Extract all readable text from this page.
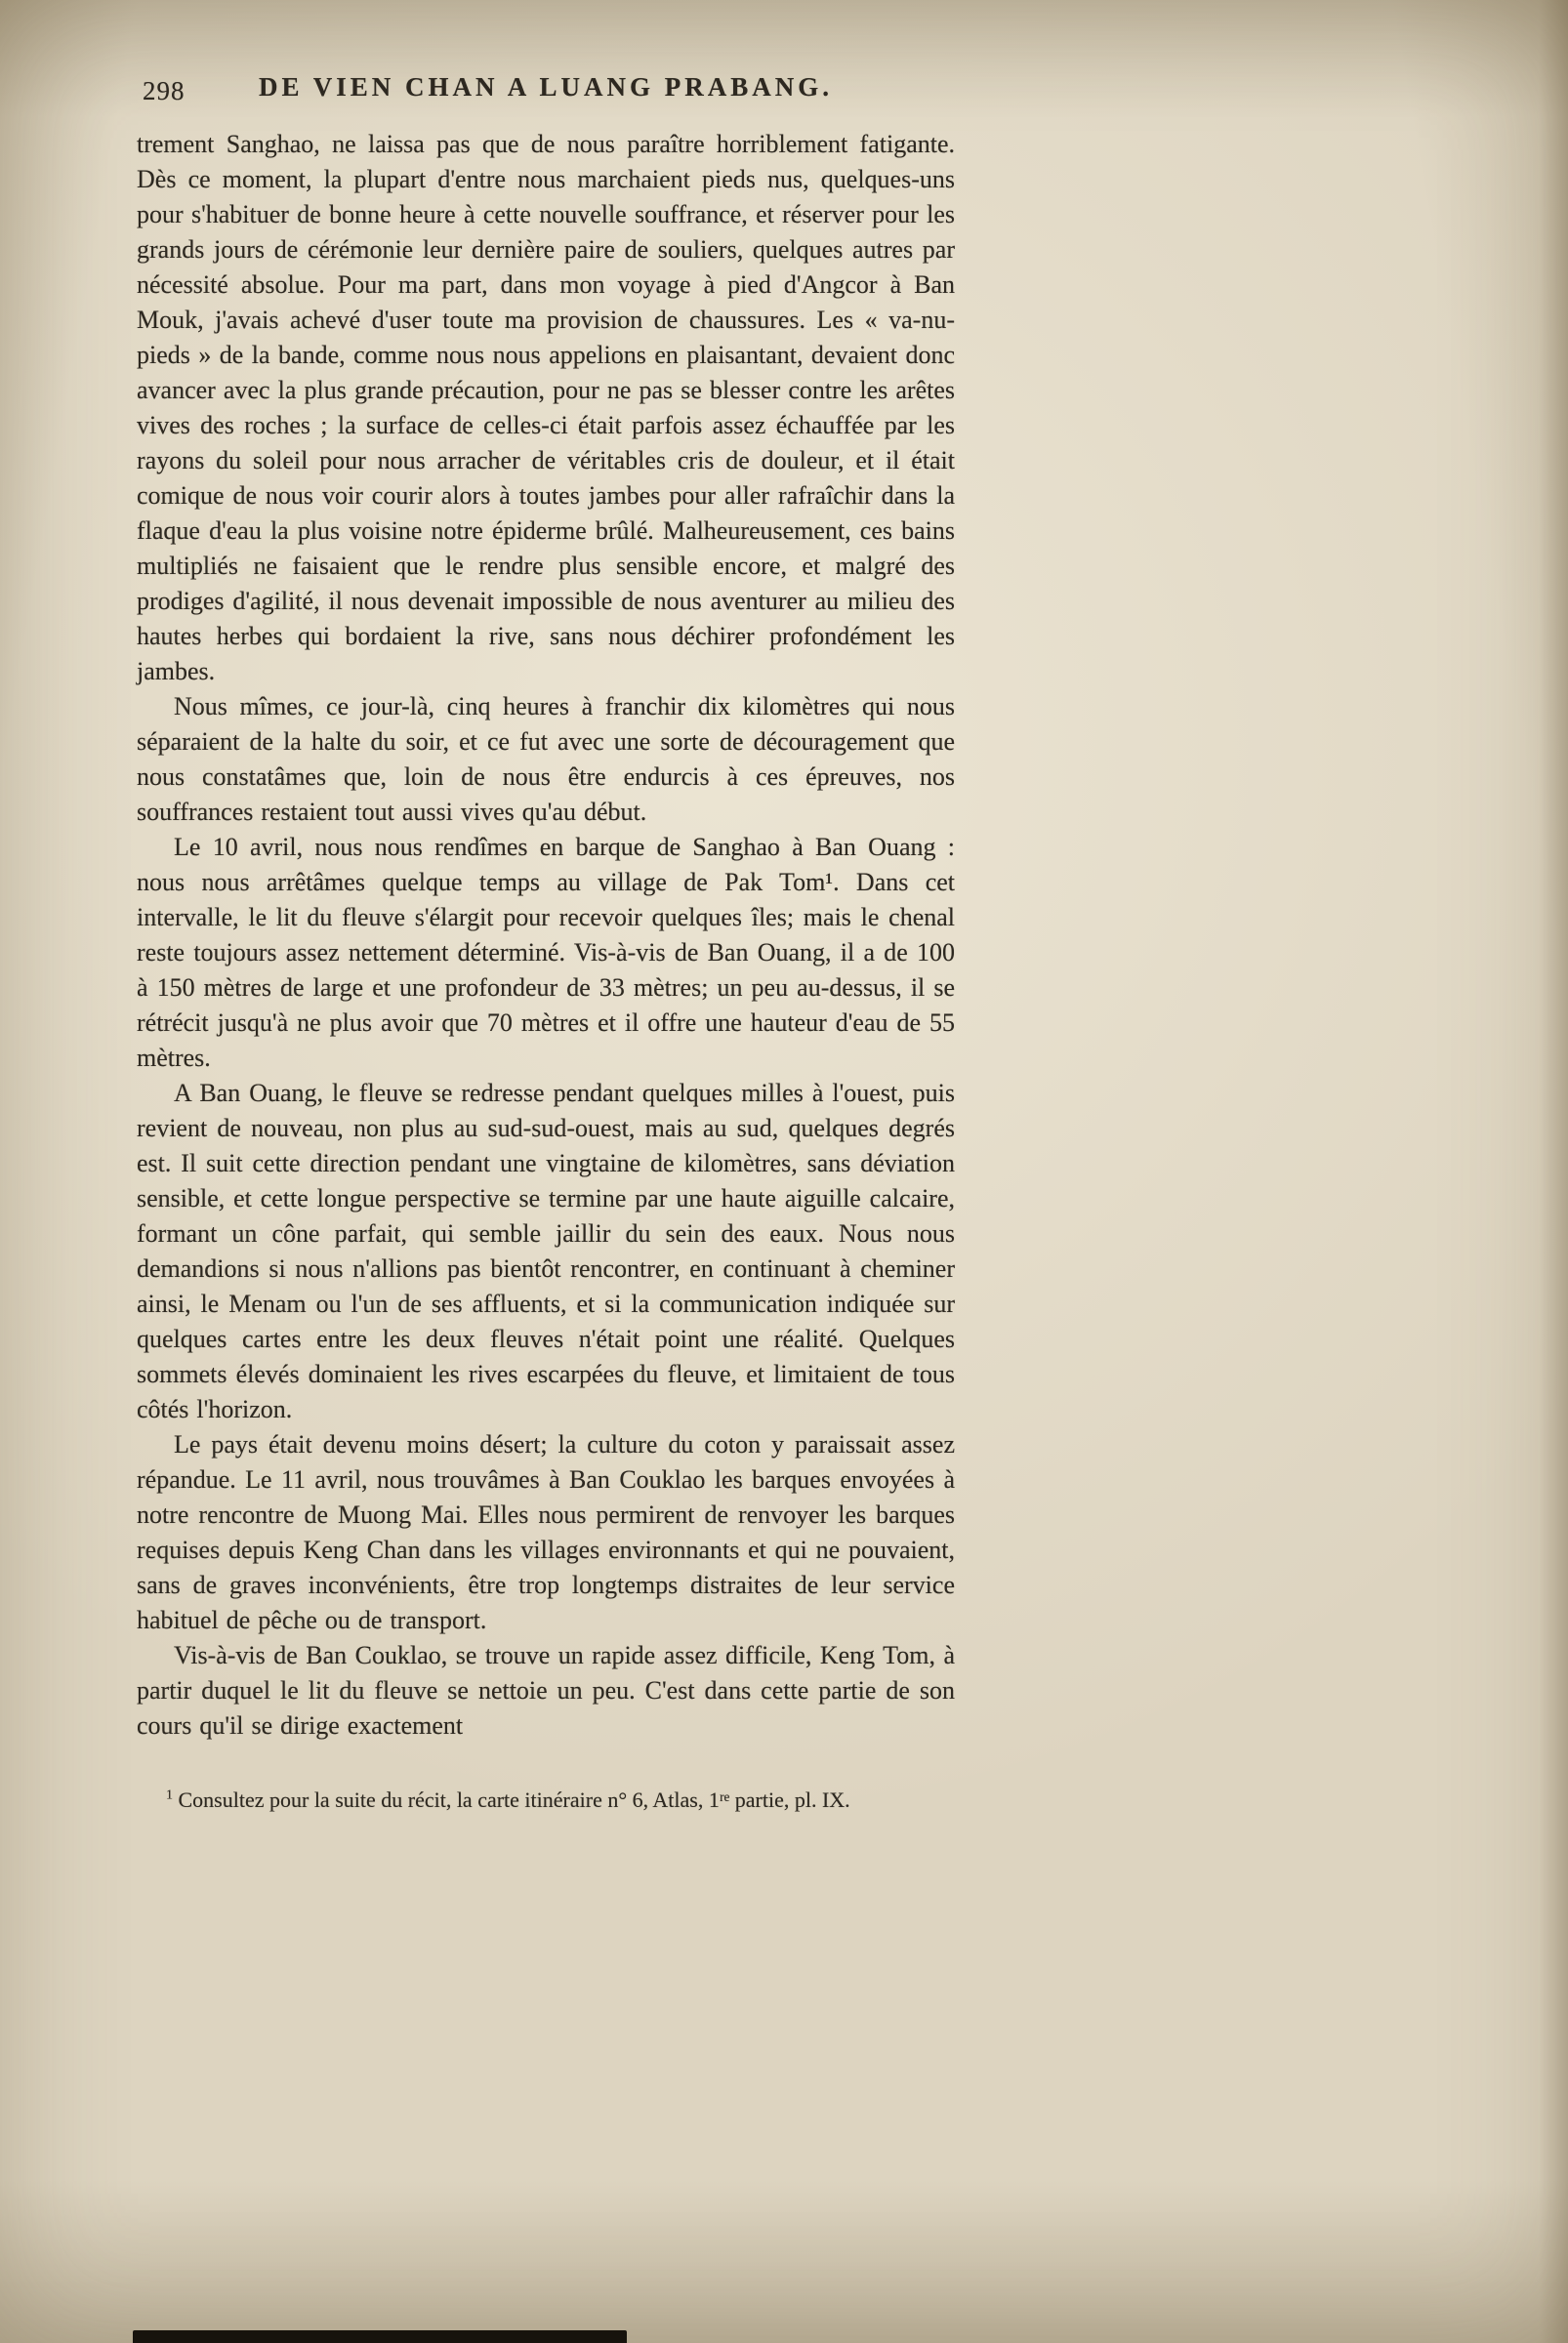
298	DE VIEN CHAN A LUANG PRABANG.

trement Sanghao, ne laissa pas que de nous paraître horriblement fatigante. Dès ce moment, la plupart d'entre nous marchaient pieds nus, quelques-uns pour s'habituer de bonne heure à cette nouvelle souffrance, et réserver pour les grands jours de cérémonie leur dernière paire de souliers, quelques autres par nécessité absolue. Pour ma part, dans mon voyage à pied d'Angcor à Ban Mouk, j'avais achevé d'user toute ma provision de chaussures. Les « va-nu-pieds » de la bande, comme nous nous appelions en plaisantant, devaient donc avancer avec la plus grande précaution, pour ne pas se blesser contre les arêtes vives des roches ; la surface de celles-ci était parfois assez échauffée par les rayons du soleil pour nous arracher de véritables cris de douleur, et il était comique de nous voir courir alors à toutes jambes pour aller rafraîchir dans la flaque d'eau la plus voisine notre épiderme brûlé. Malheureusement, ces bains multipliés ne faisaient que le rendre plus sensible encore, et malgré des prodiges d'agilité, il nous devenait impossible de nous aventurer au milieu des hautes herbes qui bordaient la rive, sans nous déchirer profondément les jambes.

Nous mîmes, ce jour-là, cinq heures à franchir dix kilomètres qui nous séparaient de la halte du soir, et ce fut avec une sorte de découragement que nous constatâmes que, loin de nous être endurcis à ces épreuves, nos souffrances restaient tout aussi vives qu'au début.

Le 10 avril, nous nous rendîmes en barque de Sanghao à Ban Ouang : nous nous arrêtâmes quelque temps au village de Pak Tom¹. Dans cet intervalle, le lit du fleuve s'élargit pour recevoir quelques îles; mais le chenal reste toujours assez nettement déterminé. Vis-à-vis de Ban Ouang, il a de 100 à 150 mètres de large et une profondeur de 33 mètres; un peu au-dessus, il se rétrécit jusqu'à ne plus avoir que 70 mètres et il offre une hauteur d'eau de 55 mètres.

A Ban Ouang, le fleuve se redresse pendant quelques milles à l'ouest, puis revient de nouveau, non plus au sud-sud-ouest, mais au sud, quelques degrés est. Il suit cette direction pendant une vingtaine de kilomètres, sans déviation sensible, et cette longue perspective se termine par une haute aiguille calcaire, formant un cône parfait, qui semble jaillir du sein des eaux. Nous nous demandions si nous n'allions pas bientôt rencontrer, en continuant à cheminer ainsi, le Menam ou l'un de ses affluents, et si la communication indiquée sur quelques cartes entre les deux fleuves n'était point une réalité. Quelques sommets élevés dominaient les rives escarpées du fleuve, et limitaient de tous côtés l'horizon.

Le pays était devenu moins désert; la culture du coton y paraissait assez répandue. Le 11 avril, nous trouvâmes à Ban Couklao les barques envoyées à notre rencontre de Muong Mai. Elles nous permirent de renvoyer les barques requises depuis Keng Chan dans les villages environnants et qui ne pouvaient, sans de graves inconvénients, être trop longtemps distraites de leur service habituel de pêche ou de transport.

Vis-à-vis de Ban Couklao, se trouve un rapide assez difficile, Keng Tom, à partir duquel le lit du fleuve se nettoie un peu. C'est dans cette partie de son cours qu'il se dirige exactement

$^1$ Consultez pour la suite du récit, la carte itinéraire n° 6, Atlas, 1ʳᵉ partie, pl. IX.
